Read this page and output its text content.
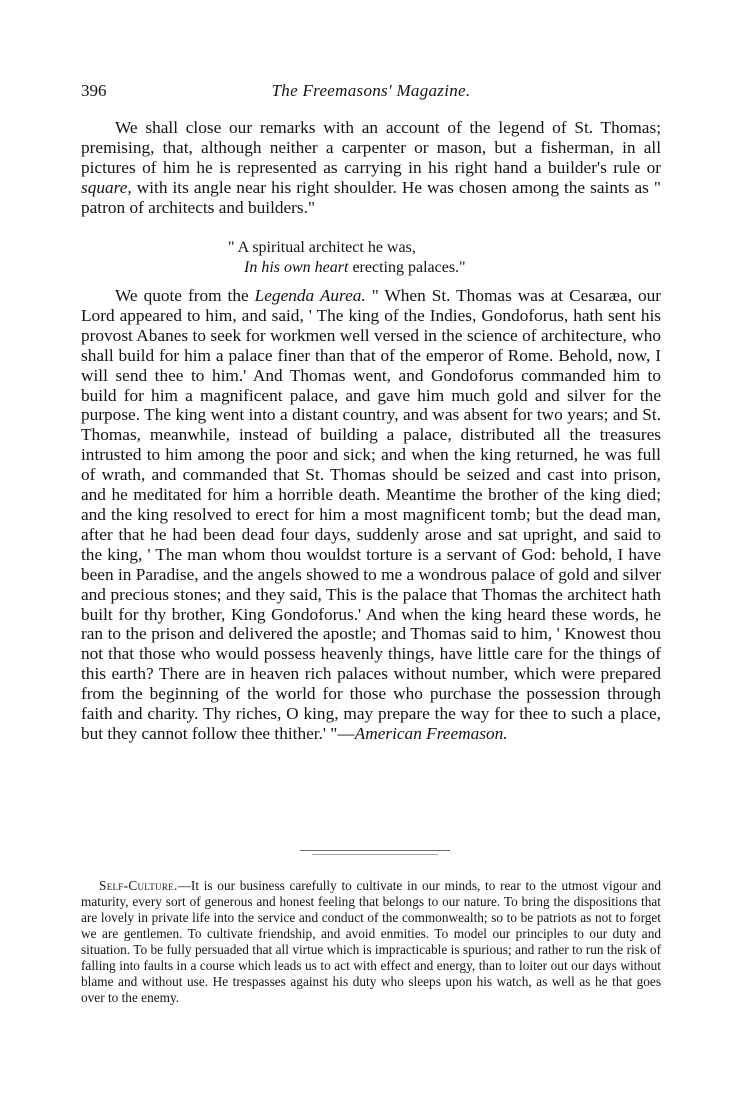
396	The Freemasons' Magazine.

We shall close our remarks with an account of the legend of St. Thomas; premising, that, although neither a carpenter or mason, but a fisherman, in all pictures of him he is represented as carrying in his right hand a builder's rule or square, with its angle near his right shoulder. He was chosen among the saints as " patron of architects and builders."

" A spiritual architect he was,
In his own heart erecting palaces."

We quote from the Legenda Aurea. " When St. Thomas was at Cesaræa, our Lord appeared to him, and said, ' The king of the Indies, Gondoforus, hath sent his provost Abanes to seek for workmen well versed in the science of architecture, who shall build for him a palace finer than that of the emperor of Rome. Behold, now, I will send thee to him.' And Thomas went, and Gondoforus commanded him to build for him a magnificent palace, and gave him much gold and silver for the purpose. The king went into a distant country, and was absent for two years; and St. Thomas, meanwhile, instead of building a palace, distributed all the treasures intrusted to him among the poor and sick; and when the king returned, he was full of wrath, and commanded that St. Thomas should be seized and cast into prison, and he meditated for him a horrible death. Meantime the brother of the king died; and the king resolved to erect for him a most magnificent tomb; but the dead man, after that he had been dead four days, suddenly arose and sat upright, and said to the king, ' The man whom thou wouldst torture is a servant of God: behold, I have been in Paradise, and the angels showed to me a wondrous palace of gold and silver and precious stones; and they said, This is the palace that Thomas the architect hath built for thy brother, King Gondoforus.' And when the king heard these words, he ran to the prison and delivered the apostle; and Thomas said to him, ' Knowest thou not that those who would possess heavenly things, have little care for the things of this earth? There are in heaven rich palaces without number, which were prepared from the beginning of the world for those who purchase the possession through faith and charity. Thy riches, O king, may prepare the way for thee to such a place, but they cannot follow thee thither.' "—American Freemason.

Self-Culture.—It is our business carefully to cultivate in our minds, to rear to the utmost vigour and maturity, every sort of generous and honest feeling that belongs to our nature. To bring the dispositions that are lovely in private life into the service and conduct of the commonwealth; so to be patriots as not to forget we are gentlemen. To cultivate friendship, and avoid enmities. To model our principles to our duty and situation. To be fully persuaded that all virtue which is impracticable is spurious; and rather to run the risk of falling into faults in a course which leads us to act with effect and energy, than to loiter out our days without blame and without use. He trespasses against his duty who sleeps upon his watch, as well as he that goes over to the enemy.
